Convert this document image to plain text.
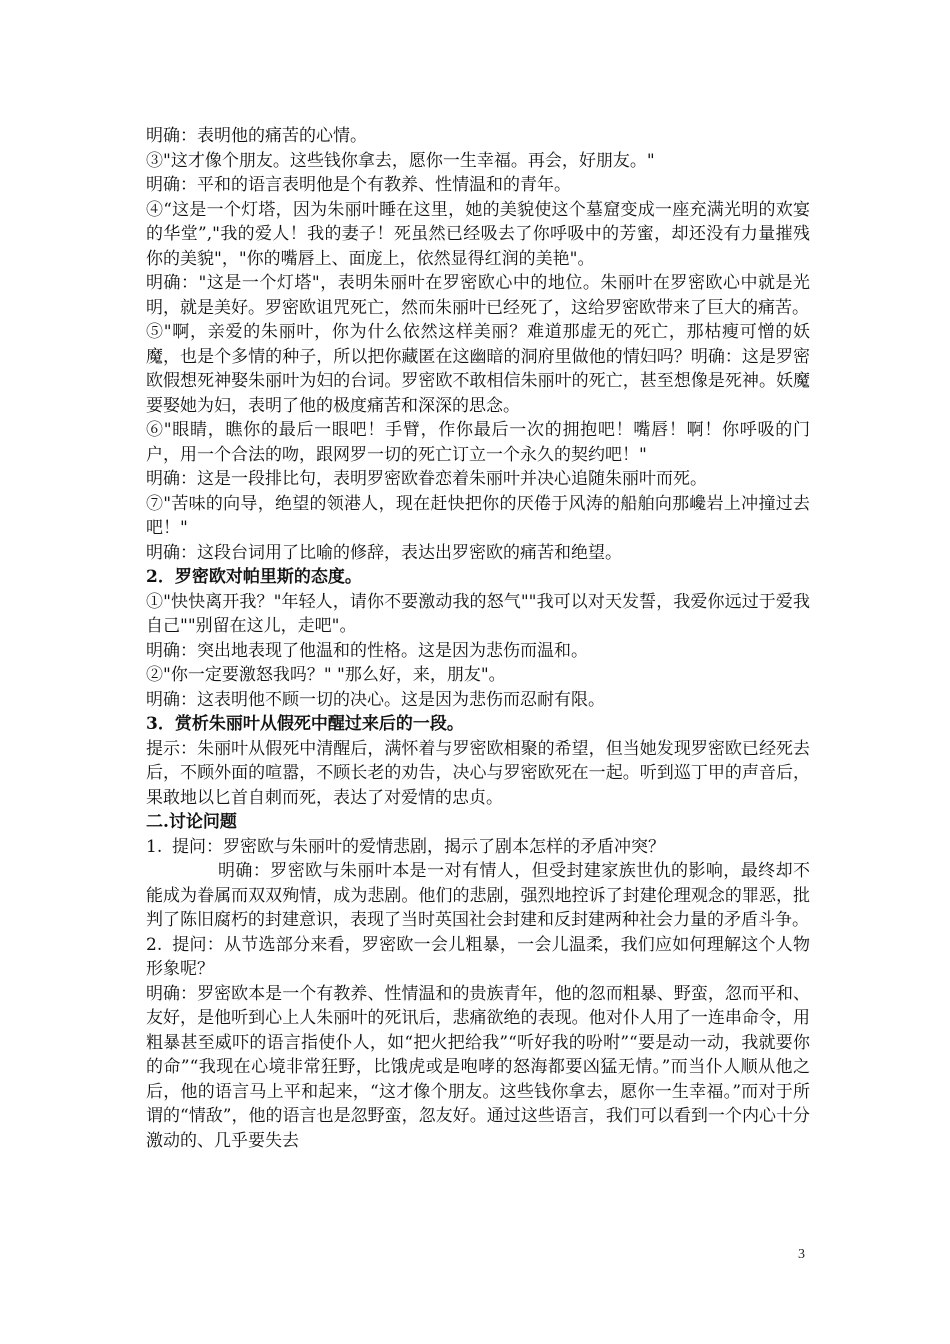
明确：表明他的痛苦的心情。

③"这才像个朋友。这些钱你拿去，愿你一生幸福。再会，好朋友。"

明确：平和的语言表明他是个有教养、性情温和的青年。

④“这是一个灯塔，因为朱丽叶睡在这里，她的美貌使这个墓窟变成一座充满光明的欢宴的华堂”,"我的爱人！我的妻子！死虽然已经吸去了你呼吸中的芳蜜，却还没有力量摧残你的美貌"，"你的嘴唇上、面庞上，依然显得红润的美艳"。

明确："这是一个灯塔"，表明朱丽叶在罗密欧心中的地位。朱丽叶在罗密欧心中就是光明，就是美好。罗密欧诅咒死亡，然而朱丽叶已经死了，这给罗密欧带来了巨大的痛苦。

⑤"啊，亲爱的朱丽叶，你为什么依然这样美丽？难道那虚无的死亡，那枯瘦可憎的妖魔，也是个多情的种子，所以把你藏匿在这幽暗的洞府里做他的情妇吗？明确：这是罗密欧假想死神娶朱丽叶为妇的台词。罗密欧不敢相信朱丽叶的死亡，甚至想像是死神。妖魔要娶她为妇，表明了他的极度痛苦和深深的思念。

⑥"眼睛，瞧你的最后一眼吧！手臂，作你最后一次的拥抱吧！嘴唇！啊！你呼吸的门户，用一个合法的吻，跟网罗一切的死亡订立一个永久的契约吧！"

明确：这是一段排比句，表明罗密欧眷恋着朱丽叶并决心追随朱丽叶而死。

⑦"苦味的向导，绝望的领港人，现在赶快把你的厌倦于风涛的船舶向那巉岩上冲撞过去吧！"

明确：这段台词用了比喻的修辞，表达出罗密欧的痛苦和绝望。

2．罗密欧对帕里斯的态度。

①"快快离开我？"年轻人，请你不要激动我的怒气""我可以对天发誓，我爱你远过于爱我自己""别留在这儿，走吧"。

明确：突出地表现了他温和的性格。这是因为悲伤而温和。

②"你一定要激怒我吗？" "那么好，来，朋友"。

明确：这表明他不顾一切的决心。这是因为悲伤而忍耐有限。

3．赏析朱丽叶从假死中醒过来后的一段。

提示：朱丽叶从假死中清醒后，满怀着与罗密欧相聚的希望，但当她发现罗密欧已经死去后，不顾外面的喧嚣，不顾长老的劝告，决心与罗密欧死在一起。听到巡丁甲的声音后，果敢地以匕首自刺而死，表达了对爱情的忠贞。

二.讨论问题

1. 提问：罗密欧与朱丽叶的爱情悲剧，揭示了剧本怎样的矛盾冲突？

明确：罗密欧与朱丽叶本是一对有情人，但受封建家族世仇的影响，最终却不能成为眷属而双双殉情，成为悲剧。他们的悲剧，强烈地控诉了封建伦理观念的罪恶，批判了陈旧腐朽的封建意识，表现了当时英国社会封建和反封建两种社会力量的矛盾斗争。

2. 提问：从节选部分来看，罗密欧一会儿粗暴，一会儿温柔，我们应如何理解这个人物形象呢？

明确：罗密欧本是一个有教养、性情温和的贵族青年，他的忽而粗暴、野蛮，忽而平和、友好，是他听到心上人朱丽叶的死讯后，悲痛欲绝的表现。他对仆人用了一连串命令，用粗暴甚至威吓的语言指使仆人，如“把火把给我”“听好我的吩咐”“要是动一动，我就要你的命”“我现在心境非常狂野，比饿虎或是咆哮的怒海都要凶猛无情。”而当仆人顺从他之后，他的语言马上平和起来，“这才像个朋友。这些钱你拿去，愿你一生幸福。”而对于所谓的“情敌”，他的语言也是忽野蛮，忽友好。通过这些语言，我们可以看到一个内心十分激动的、几乎要失去

3
